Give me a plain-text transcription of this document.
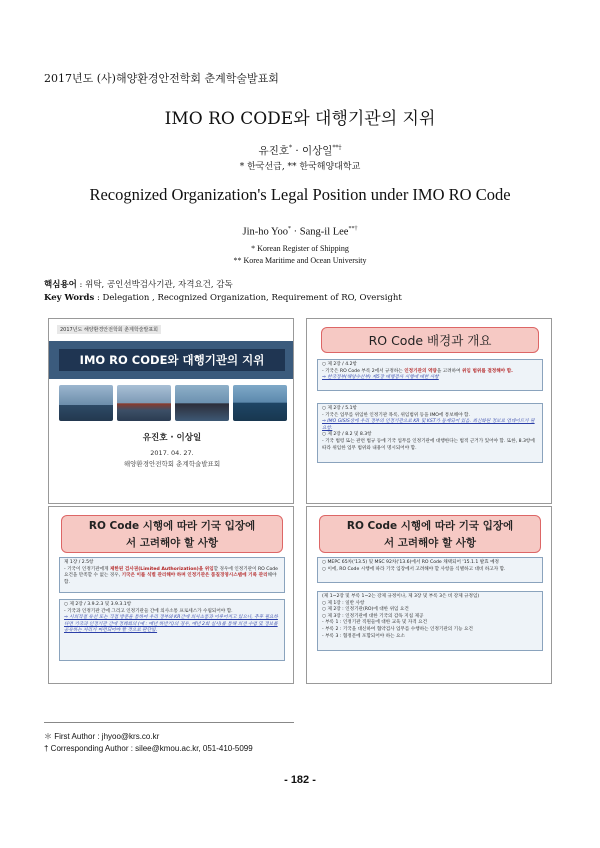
2017년도 (사)해양환경안전학회 춘계학술발표회
IMO RO CODE와 대행기관의 지위
유진호* · 이상일**†
* 한국선급, ** 한국해양대학교
Recognized Organization's Legal Position under IMO RO Code
Jin-ho Yoo* · Sang-il Lee**†
* Korean Register of Shipping
** Korea Maritime and Ocean University
핵심용어 : 위탁, 공인선박검사기관, 자격요건, 감독
Key Words : Delegation , Recognized Organization, Requirement of RO, Oversight
2017년도 해양환경안전학회 춘계학술발표회
IMO RO CODE와 대행기관의 지위
유진호 · 이상일
2017. 04. 27.
해양환경안전학회 춘계학술발표회
RO Code 배경과 개요
○ 제 2장 / 4.2항
- 기국은 RO Code 부록 2에서 규정하는 인정기관의 역량을 고려하여 위임 범위를 결정해야 함.
⇒ 한국정부(해양수산부) 제5장 대행검사 시행에 대한 사항
○ 제 2장 / 5.1항
- 기국은 업무를 위임한 인정기관 목록, 위임범위 등을 IMO에 통보해야 함.
⇒ IMO GISIS상에 우리 정부의 인정기관으로 KR 및 KST가 등재되어 있음. 최신화된 정보로 업데이트가 필요함.
○ 제 2장 / 8.2 및 8.3항
- 기국 법령 또는 관련 법규 등에 기국 업무를 인정기관에 대행한다는 법적 근거가 있어야 함. 또한, 8.3항에 따라 위임한 업무 범위와 내용이 명시되어야 함.
RO Code 시행에 따라 기국 입장에
서 고려해야 할 사항
제 1장 / 2.5항
- 기국이 인정기관에게 제한된 검사권(Limited Authorization)을 위임할 경우에 인정기관이 RO Code 요건을 만족할 수 없는 경우, 기국은 이를 식별 관리해야 하며 인정기관은 품질경영시스템에 기록 관리해야 함.
○ 제 2장 / 3.9.2.3 및 3.9.3.1항
- 기국과 인정기관 간에 그리고 인정기관들 간에 의사소통 프로세스가 수립되어야 함.
⇒ 시의적절 유선 또는 직접 방문을 통하여 우리 정부와 KR간에 의사소통과 이루어지고 있으나, 추후 필요하다면 기국과 인정기관 간에 정례회의 (예 : 매년 하반기)의 경우, 매년 2회 실시)를 통해 의견 수렴 및 정보를 공유하는 자리가 마련되어야 할 것으로 판단됨.
RO Code 시행에 따라 기국 입장에
서 고려해야 할 사항
○ MEPC 65차('13.5) 및 MSC 92차('13.6)에서 RO Code 채택되어 '15.1.1 발효 예정
○ 이에, RO Code 시행에 따라 기국 입장에서 고려해야 할 사항을 식별하고 대비 하고자 함.
(제 1~2장 및 부록 1~2는 강제 규정이나, 제 3장 및 부록 3은 비 강제 규정임)
○ 제 1장 : 일반 사항
○ 제 2장 : 인정기관(RO)에 대한 위임 요건
○ 제 3장 : 인정기관에 대한 기국의 감독 지침 제공
- 부록 1 : 인정기관 직원들에 대한 교육 및 자격 요건
- 부록 2 : 기국을 대신하여 협약검사 업무를 수행하는 인정기관의 기능 요건
- 부록 3 : 협정문에 포함되어야 하는 요소
＊ First Author : jhyoo@krs.co.kr
† Corresponding Author : silee@kmou.ac.kr, 051-410-5099
- 182 -
